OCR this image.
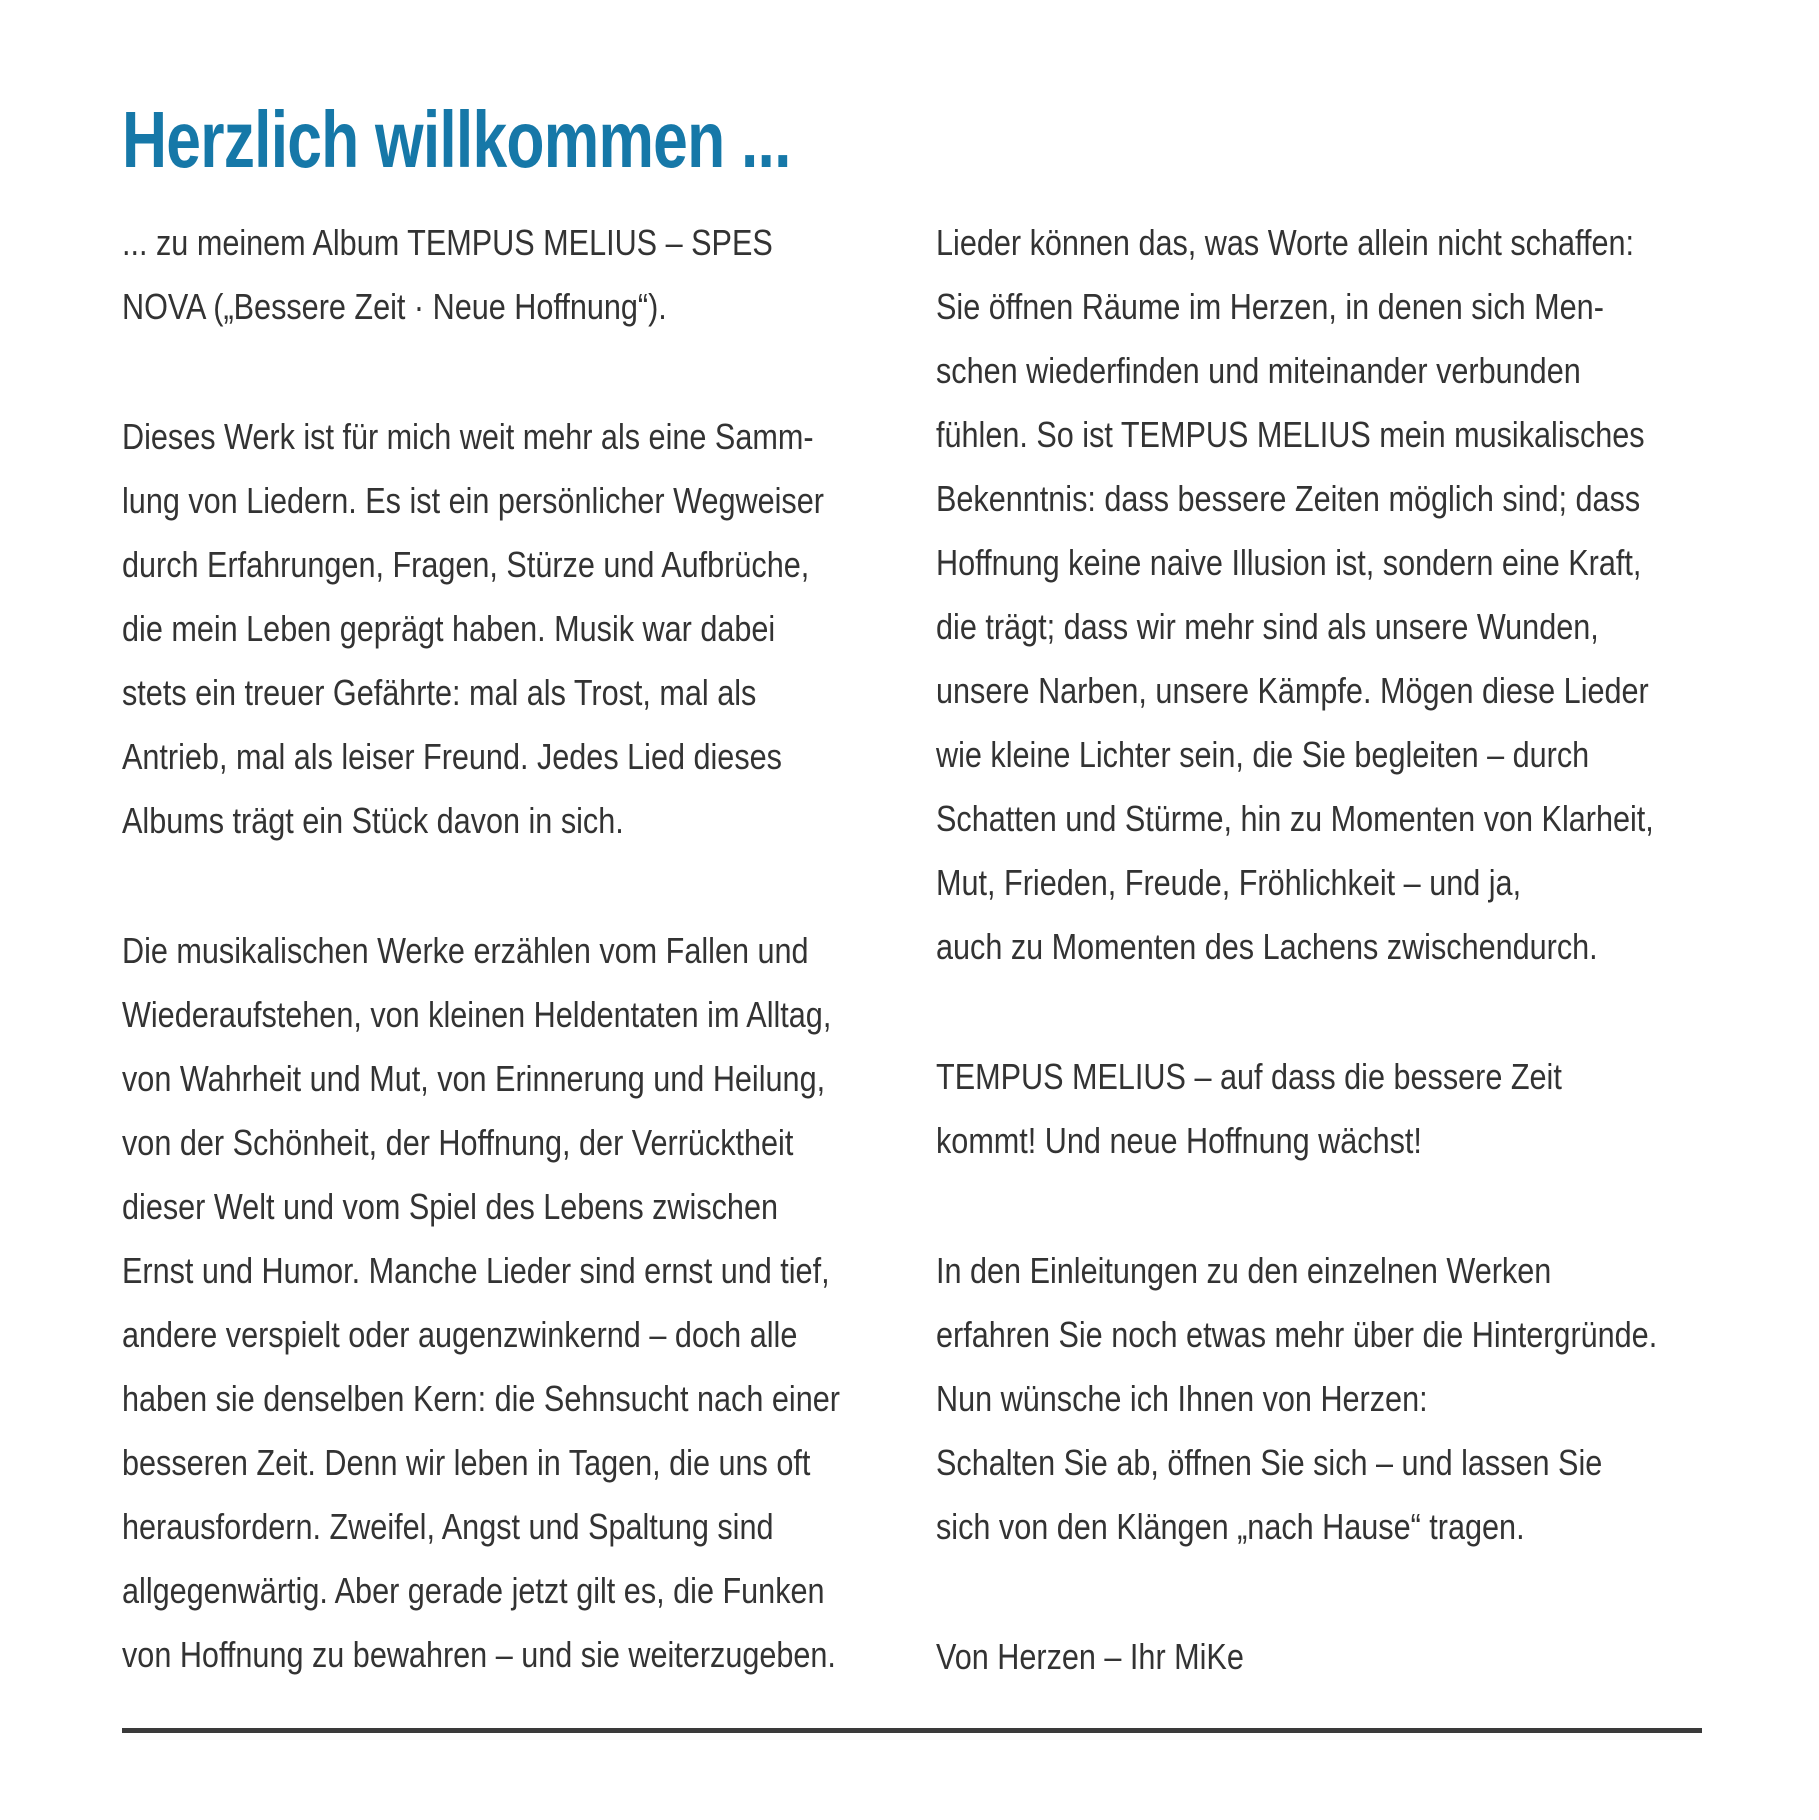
Herzlich willkommen ...
... zu meinem Album TEMPUS MELIUS – SPES
NOVA („Bessere Zeit · Neue Hoffnung“).
Dieses Werk ist für mich weit mehr als eine Samm-
lung von Liedern. Es ist ein persönlicher Wegweiser
durch Erfahrungen, Fragen, Stürze und Aufbrüche,
die mein Leben geprägt haben. Musik war dabei
stets ein treuer Gefährte: mal als Trost, mal als
Antrieb, mal als leiser Freund. Jedes Lied dieses
Albums trägt ein Stück davon in sich.
Die musikalischen Werke erzählen vom Fallen und
Wiederaufstehen, von kleinen Heldentaten im Alltag,
von Wahrheit und Mut, von Erinnerung und Heilung,
von der Schönheit, der Hoffnung, der Verrücktheit
dieser Welt und vom Spiel des Lebens zwischen
Ernst und Humor. Manche Lieder sind ernst und tief,
andere verspielt oder augenzwinkernd – doch alle
haben sie denselben Kern: die Sehnsucht nach einer
besseren Zeit. Denn wir leben in Tagen, die uns oft
herausfordern. Zweifel, Angst und Spaltung sind
allgegenwärtig. Aber gerade jetzt gilt es, die Funken
von Hoffnung zu bewahren – und sie weiterzugeben.
Lieder können das, was Worte allein nicht schaffen:
Sie öffnen Räume im Herzen, in denen sich Men-
schen wiederfinden und miteinander verbunden
fühlen. So ist TEMPUS MELIUS mein musikalisches
Bekenntnis: dass bessere Zeiten möglich sind; dass
Hoffnung keine naive Illusion ist, sondern eine Kraft,
die trägt; dass wir mehr sind als unsere Wunden,
unsere Narben, unsere Kämpfe. Mögen diese Lieder
wie kleine Lichter sein, die Sie begleiten – durch
Schatten und Stürme, hin zu Momenten von Klarheit,
Mut, Frieden, Freude, Fröhlichkeit – und ja,
auch zu Momenten des Lachens zwischendurch.
TEMPUS MELIUS – auf dass die bessere Zeit
kommt! Und neue Hoffnung wächst!
In den Einleitungen zu den einzelnen Werken
erfahren Sie noch etwas mehr über die Hintergründe.
Nun wünsche ich Ihnen von Herzen:
Schalten Sie ab, öffnen Sie sich – und lassen Sie
sich von den Klängen „nach Hause“ tragen.
Von Herzen – Ihr MiKe
